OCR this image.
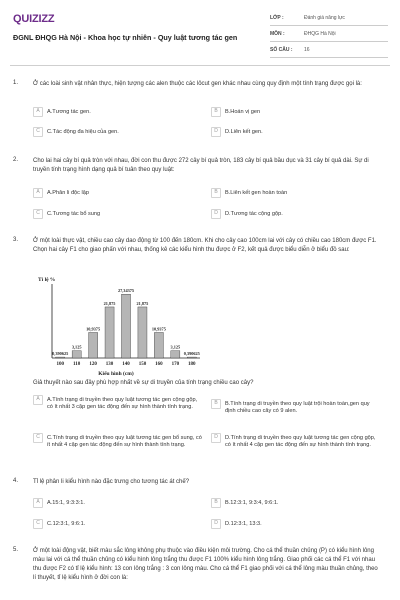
QUIZIZZ
ĐGNL ĐHQG Hà Nội - Khoa học tự nhiên - Quy luật tương tác gen
LỚP :	Đánh giá năng lực
MÔN :	ĐHQG Hà Nội
SỐ CÂU :	16
1. Ở các loài sinh vật nhân thực, hiện tượng các alen thuộc các lôcut gen khác nhau cùng quy định một tính trạng được gọi là:
A	A.Tương tác gen.	B	B.Hoán vị gen
C	C.Tác động đa hiệu của gen.	D	D.Liên kết gen.
2. Cho lai hai cây bí quả tròn với nhau, đời con thu được 272 cây bí quả tròn, 183 cây bí quả bầu dục và 31 cây bí quả dài. Sự di truyền tính trạng hình dạng quả bí tuân theo quy luật:
A	A.Phân li độc lập	B	B.Liên kết gen hoàn toàn
C	C.Tương tác bổ sung	D	D.Tương tác cộng gộp.
3. Ở một loài thực vật, chiều cao cây dao động từ 100 đến 180cm. Khi cho cây cao 100cm lai với cây có chiều cao 180cm được F1. Chọn hai cây F1 cho giao phấn với nhau, thống kê các kiểu hình thu được ở F2, kết quả được biểu diễn ở biểu đồ sau:
Tỉ lệ %
Kiểu hình (cm)
100
0,390625
110
3,125
120
10,9375
130
21,875
140
27,34375
150
21,875
160
10,9375
170
3,125
180
0,390625
Giả thuyết nào sau đây phù hợp nhất về sự di truyền của tính trạng chiều cao cây?
A	A.Tính trạng di truyền theo quy luật tương tác gen cộng gộp, có ít nhất 3 cặp gen tác động đến sự hình thành tính trạng.
B	B.Tính trạng di truyền theo quy luật trội hoàn toàn,gen quy định chiều cao cây có 9 alen.
C	C.Tính trạng di truyền theo quy luật tương tác gen bổ sung, có ít nhất 4 cặp gen tác động đến sự hình thành tính trạng.
D	D.Tính trạng di truyền theo quy luật tương tác gen cộng gộp, có ít nhất 4 cặp gen tác động đến sự hình thành tính trạng.
4. Tỉ lệ phân li kiểu hình nào đặc trưng cho tương tác át chế?
A	A.15:1, 9:3:3:1.	B	B.12:3:1, 9:3:4, 9:6:1.
C	C.12:3:1, 9:6:1.	D	D.12:3:1, 13:3.
5. Ở một loài động vật, biết màu sắc lông không phụ thuộc vào điều kiện môi trường. Cho cá thể thuần chủng (P) có kiểu hình lông màu lai với cá thể thuần chủng có kiểu hình lông trắng thu được F1 100% kiểu hình lông trắng. Giao phối các cá thể F1 với nhau thu được F2 có tỉ lệ kiểu hình: 13 con lông trắng : 3 con lông màu. Cho cá thể F1 giao phối với cá thể lông màu thuần chủng, theo lí thuyết, tỉ lệ kiểu hình ở đời con là:
